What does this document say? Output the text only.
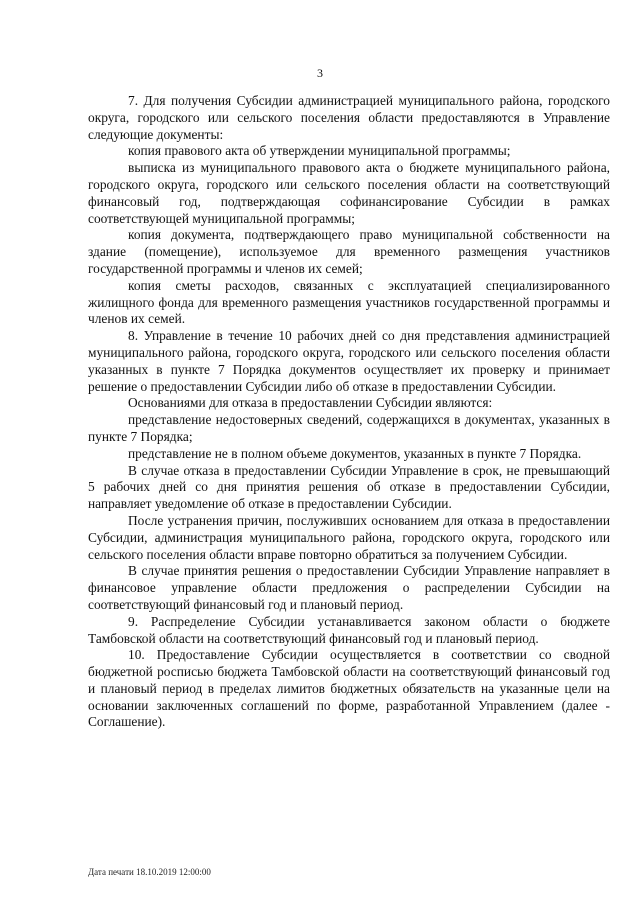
3

7. Для получения Субсидии администрацией муниципального района, городского округа, городского или сельского поселения области предоставляются в Управление следующие документы:

копия правового акта об утверждении муниципальной программы;

выписка из муниципального правового акта о бюджете муниципального района, городского округа, городского или сельского поселения области на соответствующий финансовый год, подтверждающая софинансирование Субсидии в рамках соответствующей муниципальной программы;

копия документа, подтверждающего право муниципальной собственности на здание (помещение), используемое для временного размещения участников государственной программы и членов их семей;

копия сметы расходов, связанных с эксплуатацией специализированного жилищного фонда для временного размещения участников государственной программы и членов их семей.

8. Управление в течение 10 рабочих дней со дня представления администрацией муниципального района, городского округа, городского или сельского поселения области указанных в пункте 7 Порядка документов осуществляет их проверку и принимает решение о предоставлении Субсидии либо об отказе в предоставлении Субсидии.

Основаниями для отказа в предоставлении Субсидии являются:

представление недостоверных сведений, содержащихся в документах, указанных в пункте 7 Порядка;

представление не в полном объеме документов, указанных в пункте 7 Порядка.

В случае отказа в предоставлении Субсидии Управление в срок, не превышающий 5 рабочих дней со дня принятия решения об отказе в предоставлении Субсидии, направляет уведомление об отказе в предоставлении Субсидии.

После устранения причин, послуживших основанием для отказа в предоставлении Субсидии, администрация муниципального района, городского округа, городского или сельского поселения области вправе повторно обратиться за получением Субсидии.

В случае принятия решения о предоставлении Субсидии Управление направляет в финансовое управление области предложения о распределении Субсидии на соответствующий финансовый год и плановый период.

9. Распределение Субсидии устанавливается законом области о бюджете Тамбовской области на соответствующий финансовый год и плановый период.

10. Предоставление Субсидии осуществляется в соответствии со сводной бюджетной росписью бюджета Тамбовской области на соответствующий финансовый год и плановый период в пределах лимитов бюджетных обязательств на указанные цели на основании заключенных соглашений по форме, разработанной Управлением (далее - Соглашение).

Дата печати 18.10.2019 12:00:00
